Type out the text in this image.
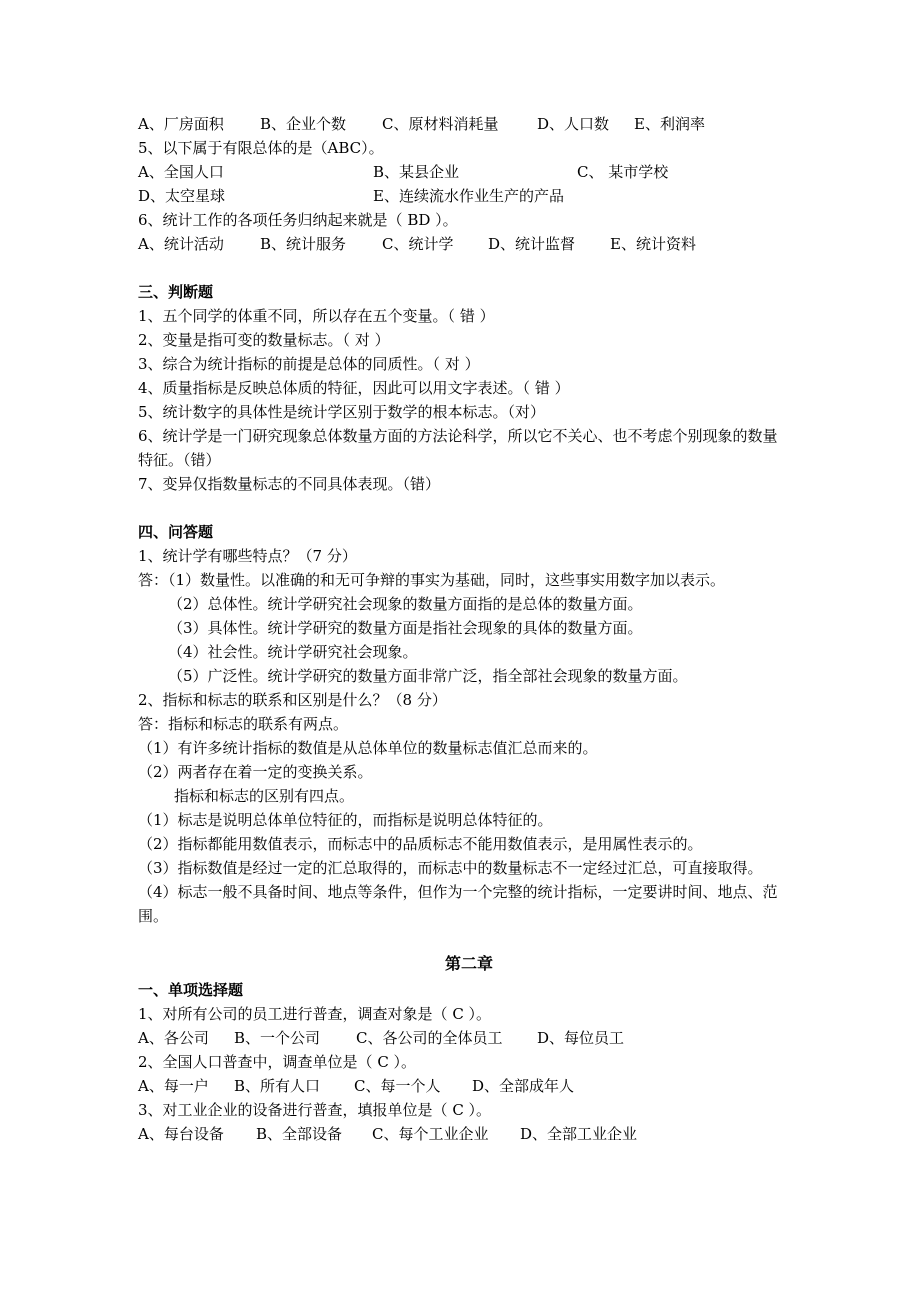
A、厂房面积	B、企业个数	C、原材料消耗量	D、人口数	E、利润率
5、以下属于有限总体的是（ABC）。
A、全国人口	B、某县企业	C、 某市学校
D、太空星球	E、连续流水作业生产的产品
6、统计工作的各项任务归纳起来就是（ BD ）。
A、统计活动	B、统计服务	C、统计学	D、统计监督	E、统计资料
三、判断题
1、五个同学的体重不同，所以存在五个变量。（ 错 ）
2、变量是指可变的数量标志。（ 对 ）
3、综合为统计指标的前提是总体的同质性。（ 对 ）
4、质量指标是反映总体质的特征，因此可以用文字表述。（ 错 ）
5、统计数字的具体性是统计学区别于数学的根本标志。（对）
6、统计学是一门研究现象总体数量方面的方法论科学，所以它不关心、也不考虑个别现象的数量特征。（错）
7、变异仅指数量标志的不同具体表现。（错）
四、问答题
1、统计学有哪些特点？（7 分）
答：（1）数量性。以准确的和无可争辩的事实为基础，同时，这些事实用数字加以表示。
（2）总体性。统计学研究社会现象的数量方面指的是总体的数量方面。
（3）具体性。统计学研究的数量方面是指社会现象的具体的数量方面。
（4）社会性。统计学研究社会现象。
（5）广泛性。统计学研究的数量方面非常广泛，指全部社会现象的数量方面。
2、指标和标志的联系和区别是什么？（8 分）
答：指标和标志的联系有两点。
（1）有许多统计指标的数值是从总体单位的数量标志值汇总而来的。
（2）两者存在着一定的变换关系。
指标和标志的区别有四点。
（1）标志是说明总体单位特征的，而指标是说明总体特征的。
（2）指标都能用数值表示，而标志中的品质标志不能用数值表示，是用属性表示的。
（3）指标数值是经过一定的汇总取得的，而标志中的数量标志不一定经过汇总，可直接取得。
（4）标志一般不具备时间、地点等条件，但作为一个完整的统计指标，一定要讲时间、地点、范围。
第二章
一、单项选择题
1、对所有公司的员工进行普查，调查对象是（ C ）。
A、各公司	B、一个公司	C、各公司的全体员工	D、每位员工
2、全国人口普查中，调查单位是（ C ）。
A、每一户	B、所有人口	C、每一个人	D、全部成年人
3、对工业企业的设备进行普查，填报单位是（ C ）。
A、每台设备	B、全部设备	C、每个工业企业	D、全部工业企业
